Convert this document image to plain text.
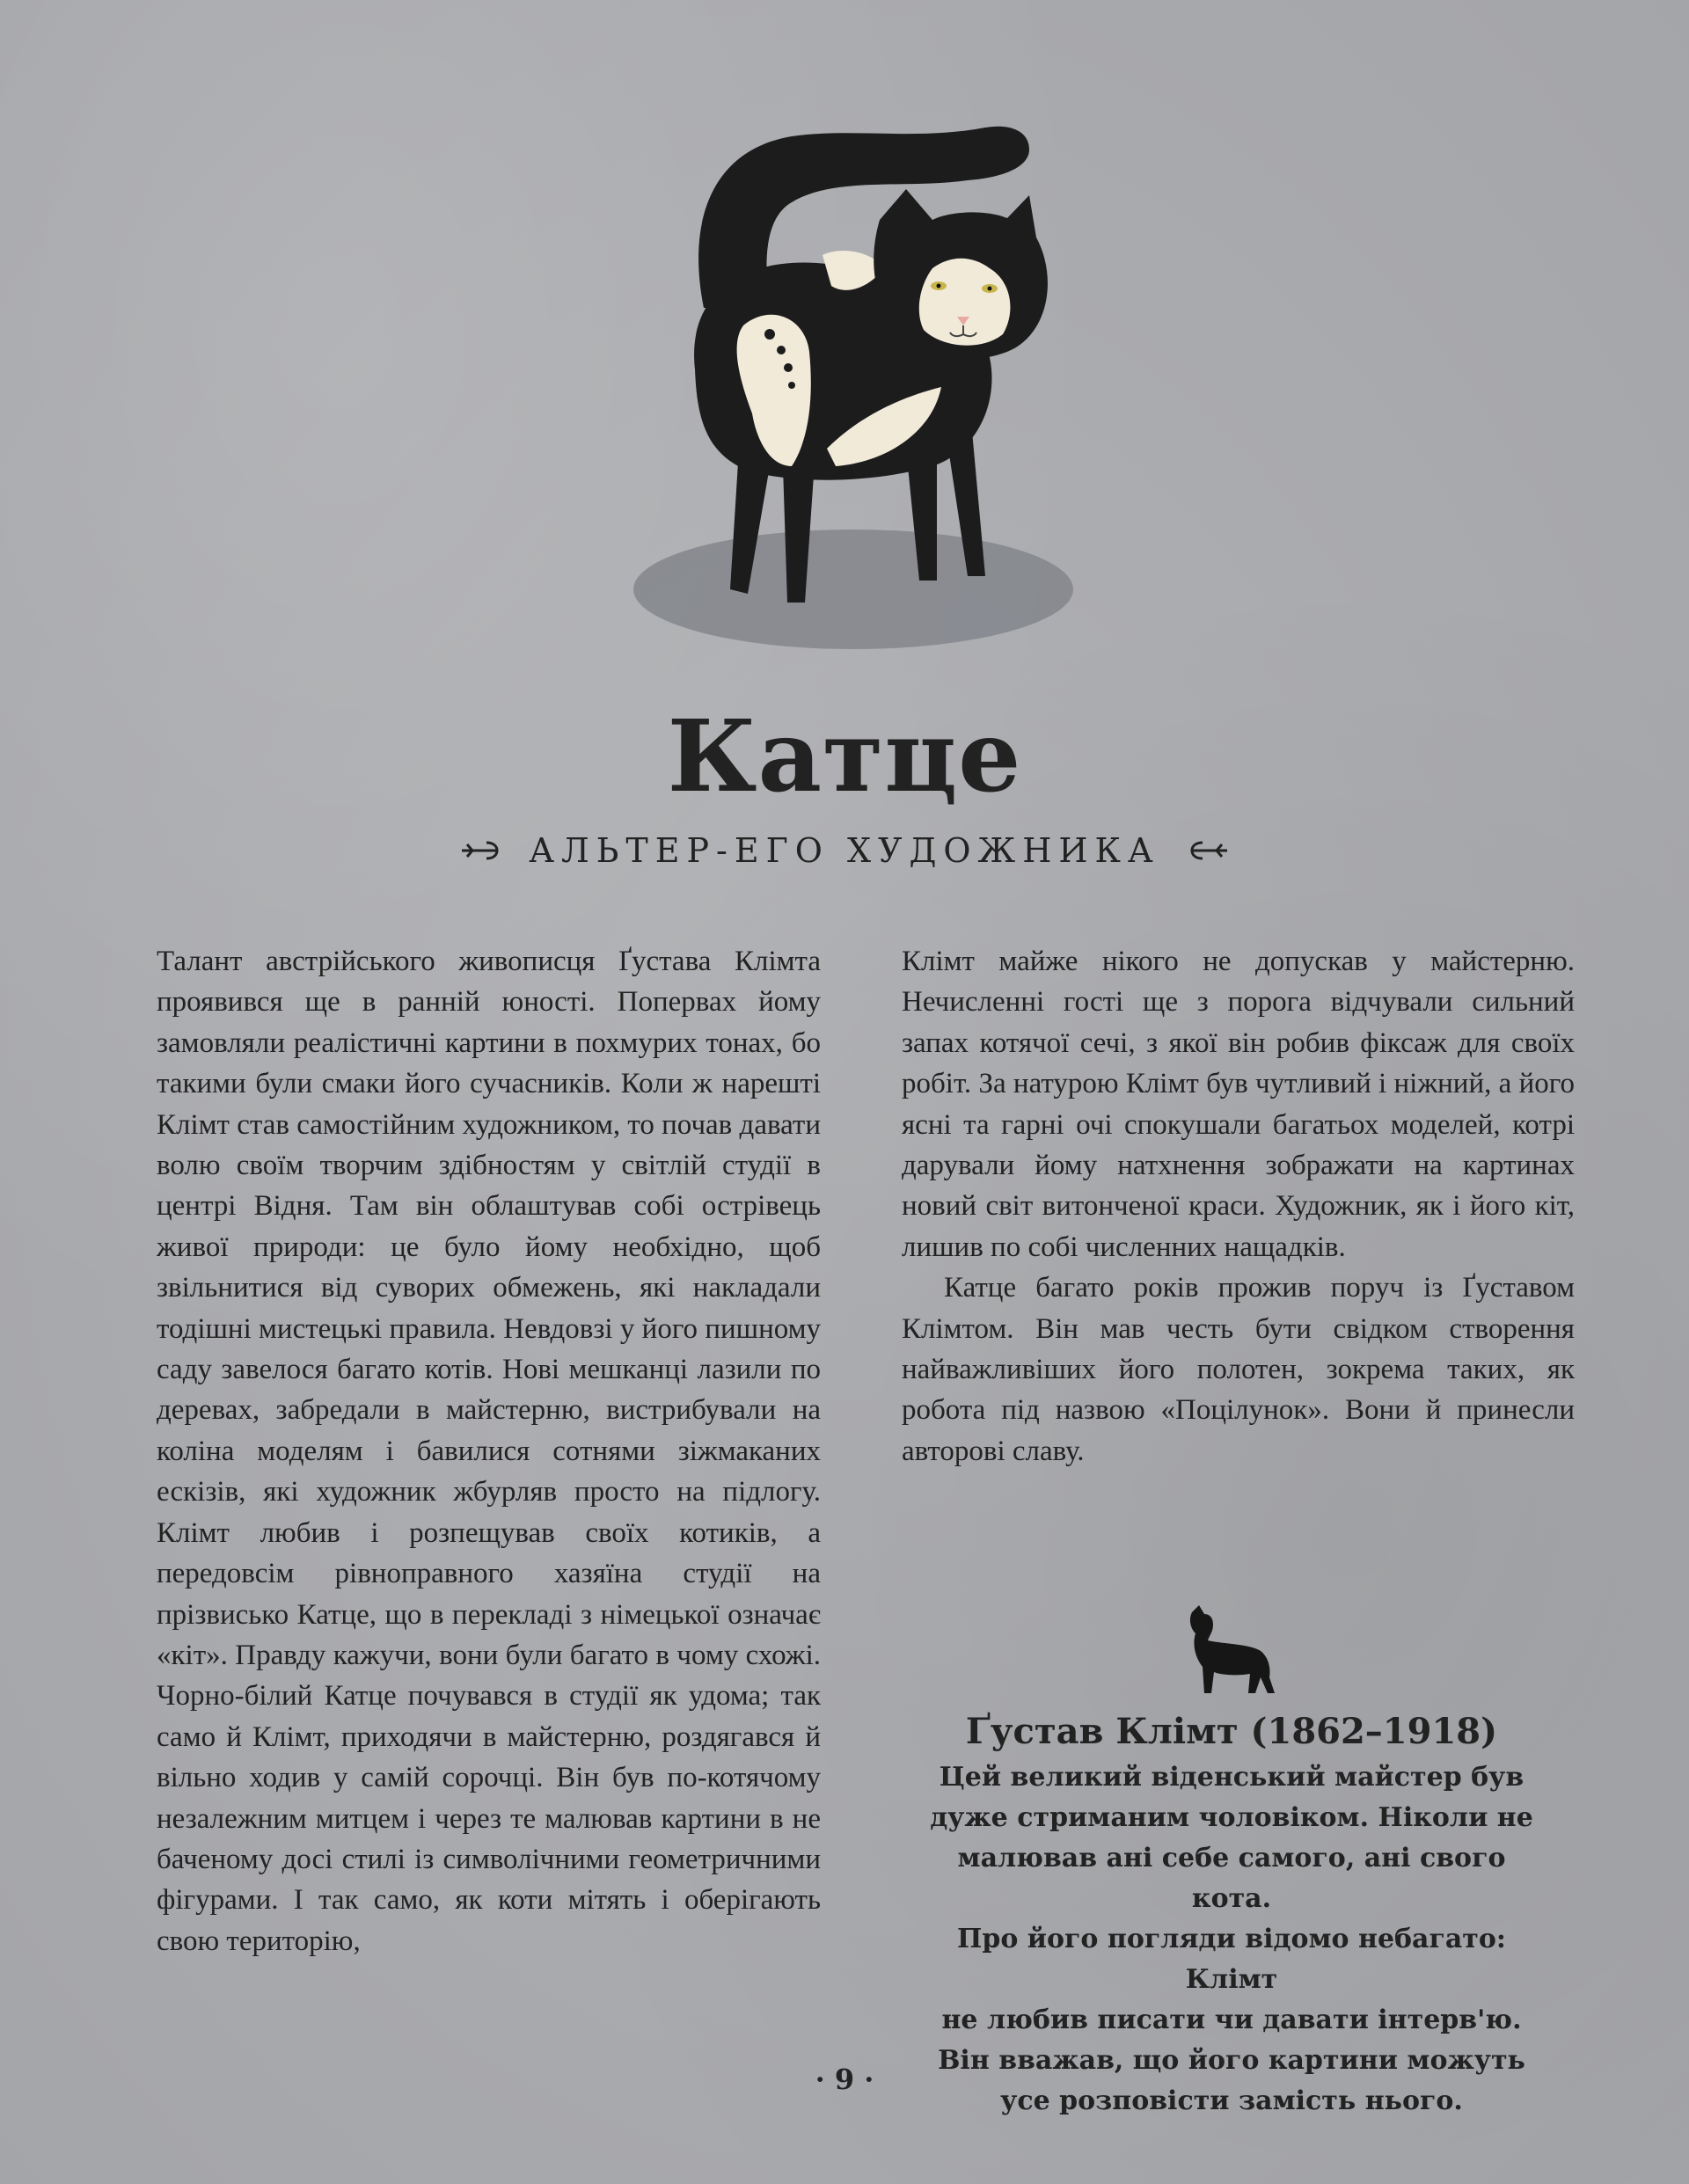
Катце
АЛЬТЕР-ЕГО ХУДОЖНИКА

Талант австрійського живописця Ґустава Клімта проявився ще в ранній юності. Поперваx йому замовляли реалістичні картини в похмурих тонах, бо такими були смаки його сучасників. Коли ж нарешті Клімт став самостійним художником, то почав давати волю своїм творчим здібностям у світлій студії в центрі Відня. Там він облаштував собі острівець живої природи: це було йому необхідно, щоб звільнитися від суворих обмежень, які накладали тодішні мистецькі правила. Невдовзі у його пишному саду завелося багато котів. Нові мешканці лазили по деревах, забредали в майстерню, вистрибували на коліна моделям і бавилися сотнями зіжмаканих ескізів, які художник жбурляв просто на підлогу. Клімт любив і розпещував своїх котиків, а передовсім рівноправного хазяїна студії на прізвисько Катце, що в перекладі з німецької означає «кіт». Правду кажучи, вони були багато в чому схожі. Чорно-білий Катце почувався в студії як удома; так само й Клімт, приходячи в майстерню, роздягався й вільно ходив у самій сорочці. Він був по-котячому незалежним митцем і через те малював картини в не баченому досі стилі із символічними геометричними фігурами. І так само, як коти мітять і оберігають свою територію,

Клімт майже нікого не допускав у майстерню. Нечисленні гості ще з порога відчували сильний запах котячої сечі, з якої він робив фіксаж для своїх робіт. За натурою Клімт був чутливий і ніжний, а його ясні та гарні очі спокушали багатьох моделей, котрі дарували йому натхнення зображати на картинах новий світ витонченої краси. Художник, як і його кіт, лишив по собі численних нащадків.

Катце багато років прожив поруч із Ґуставом Клімтом. Він мав честь бути свідком створення найважливіших його полотен, зокрема таких, як робота під назвою «Поцілунок». Вони й принесли авторові славу.

Ґустав Клімт (1862–1918)

Цей великий віденський майстер був
дуже стриманим чоловіком. Ніколи не
малював ані себе самого, ані свого кота.
Про його погляди відомо небагато: Клімт
не любив писати чи давати інтерв'ю.
Він вважав, що його картини можуть
усе розповісти замість нього.

· 9 ·
